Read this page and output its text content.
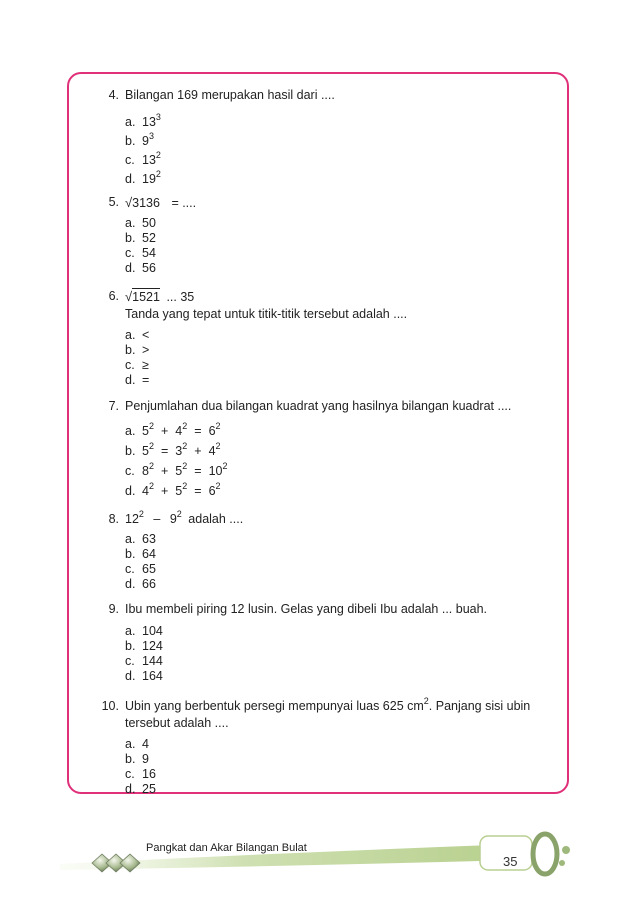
4. Bilangan 169 merupakan hasil dari ....
a. $13^3$
b. $9^3$
c. $13^2$
d. $19^2$
5. √3136 = ....
a. 50
b. 52
c. 54
d. 56
6. √1521 ... 35
Tanda yang tepat untuk titik-titik tersebut adalah ....
a. <
b. >
c. ≥
d. =
7. Penjumlahan dua bilangan kuadrat yang hasilnya bilangan kuadrat ....
a. $5^2 + 4^2 = 6^2$
b. $5^2 = 3^2 + 4^2$
c. $8^2 + 5^2 = 10^2$
d. $4^2 + 5^2 = 6^2$
8. $12^2 - 9^2$ adalah ....
a. 63
b. 64
c. 65
d. 66
9. Ibu membeli piring 12 lusin. Gelas yang dibeli Ibu adalah ... buah.
a. 104
b. 124
c. 144
d. 164
10. Ubin yang berbentuk persegi mempunyai luas 625 $cm^2$. Panjang sisi ubin
tersebut adalah ....
a. 4
b. 9
c. 16
d. 25
Pangkat dan Akar Bilangan Bulat
35
